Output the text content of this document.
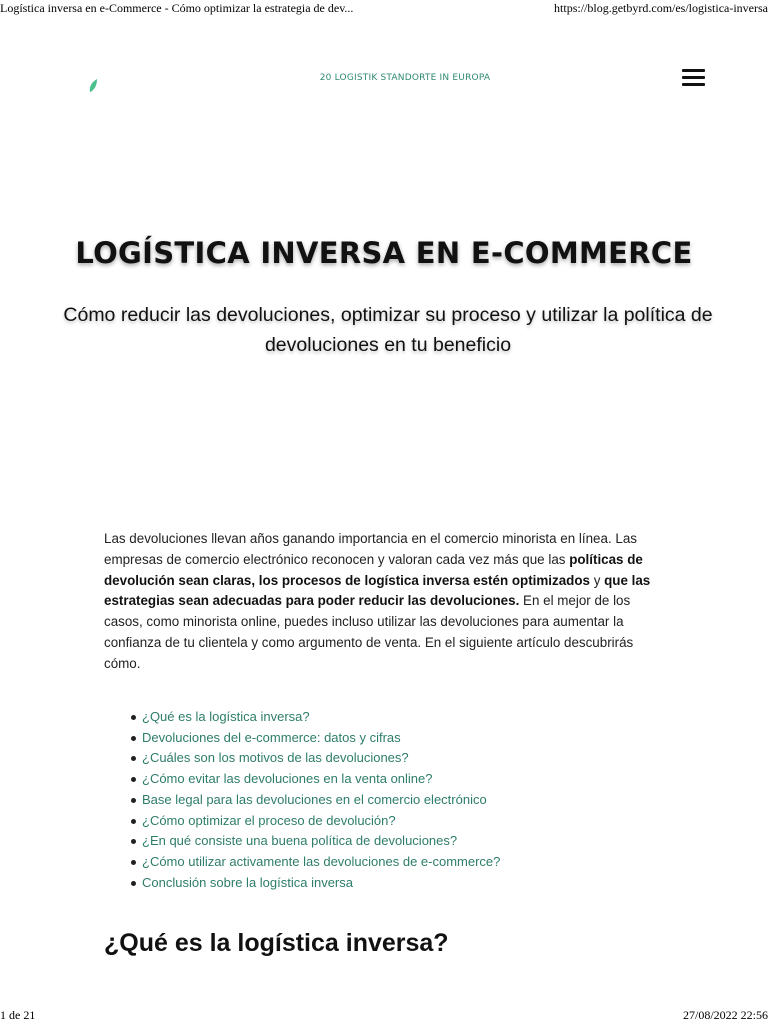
Logística inversa en e-Commerce - Cómo optimizar la estrategia de dev...	https://blog.getbyrd.com/es/logistica-inversa
20 LOGISTIK STANDORTE IN EUROPA
LOGÍSTICA INVERSA EN E-COMMERCE
Cómo reducir las devoluciones, optimizar su proceso y utilizar la política de devoluciones en tu beneficio

Las devoluciones llevan años ganando importancia en el comercio minorista en línea. Las empresas de comercio electrónico reconocen y valoran cada vez más que las políticas de devolución sean claras, los procesos de logística inversa estén optimizados y que las estrategias sean adecuadas para poder reducir las devoluciones. En el mejor de los casos, como minorista online, puedes incluso utilizar las devoluciones para aumentar la confianza de tu clientela y como argumento de venta. En el siguiente artículo descubrirás cómo.

¿Qué es la logística inversa?
Devoluciones del e-commerce: datos y cifras
¿Cuáles son los motivos de las devoluciones?
¿Cómo evitar las devoluciones en la venta online?
Base legal para las devoluciones en el comercio electrónico
¿Cómo optimizar el proceso de devolución?
¿En qué consiste una buena política de devoluciones?
¿Cómo utilizar activamente las devoluciones de e-commerce?
Conclusión sobre la logística inversa
¿Qué es la logística inversa?
1 de 21	27/08/2022 22:56
